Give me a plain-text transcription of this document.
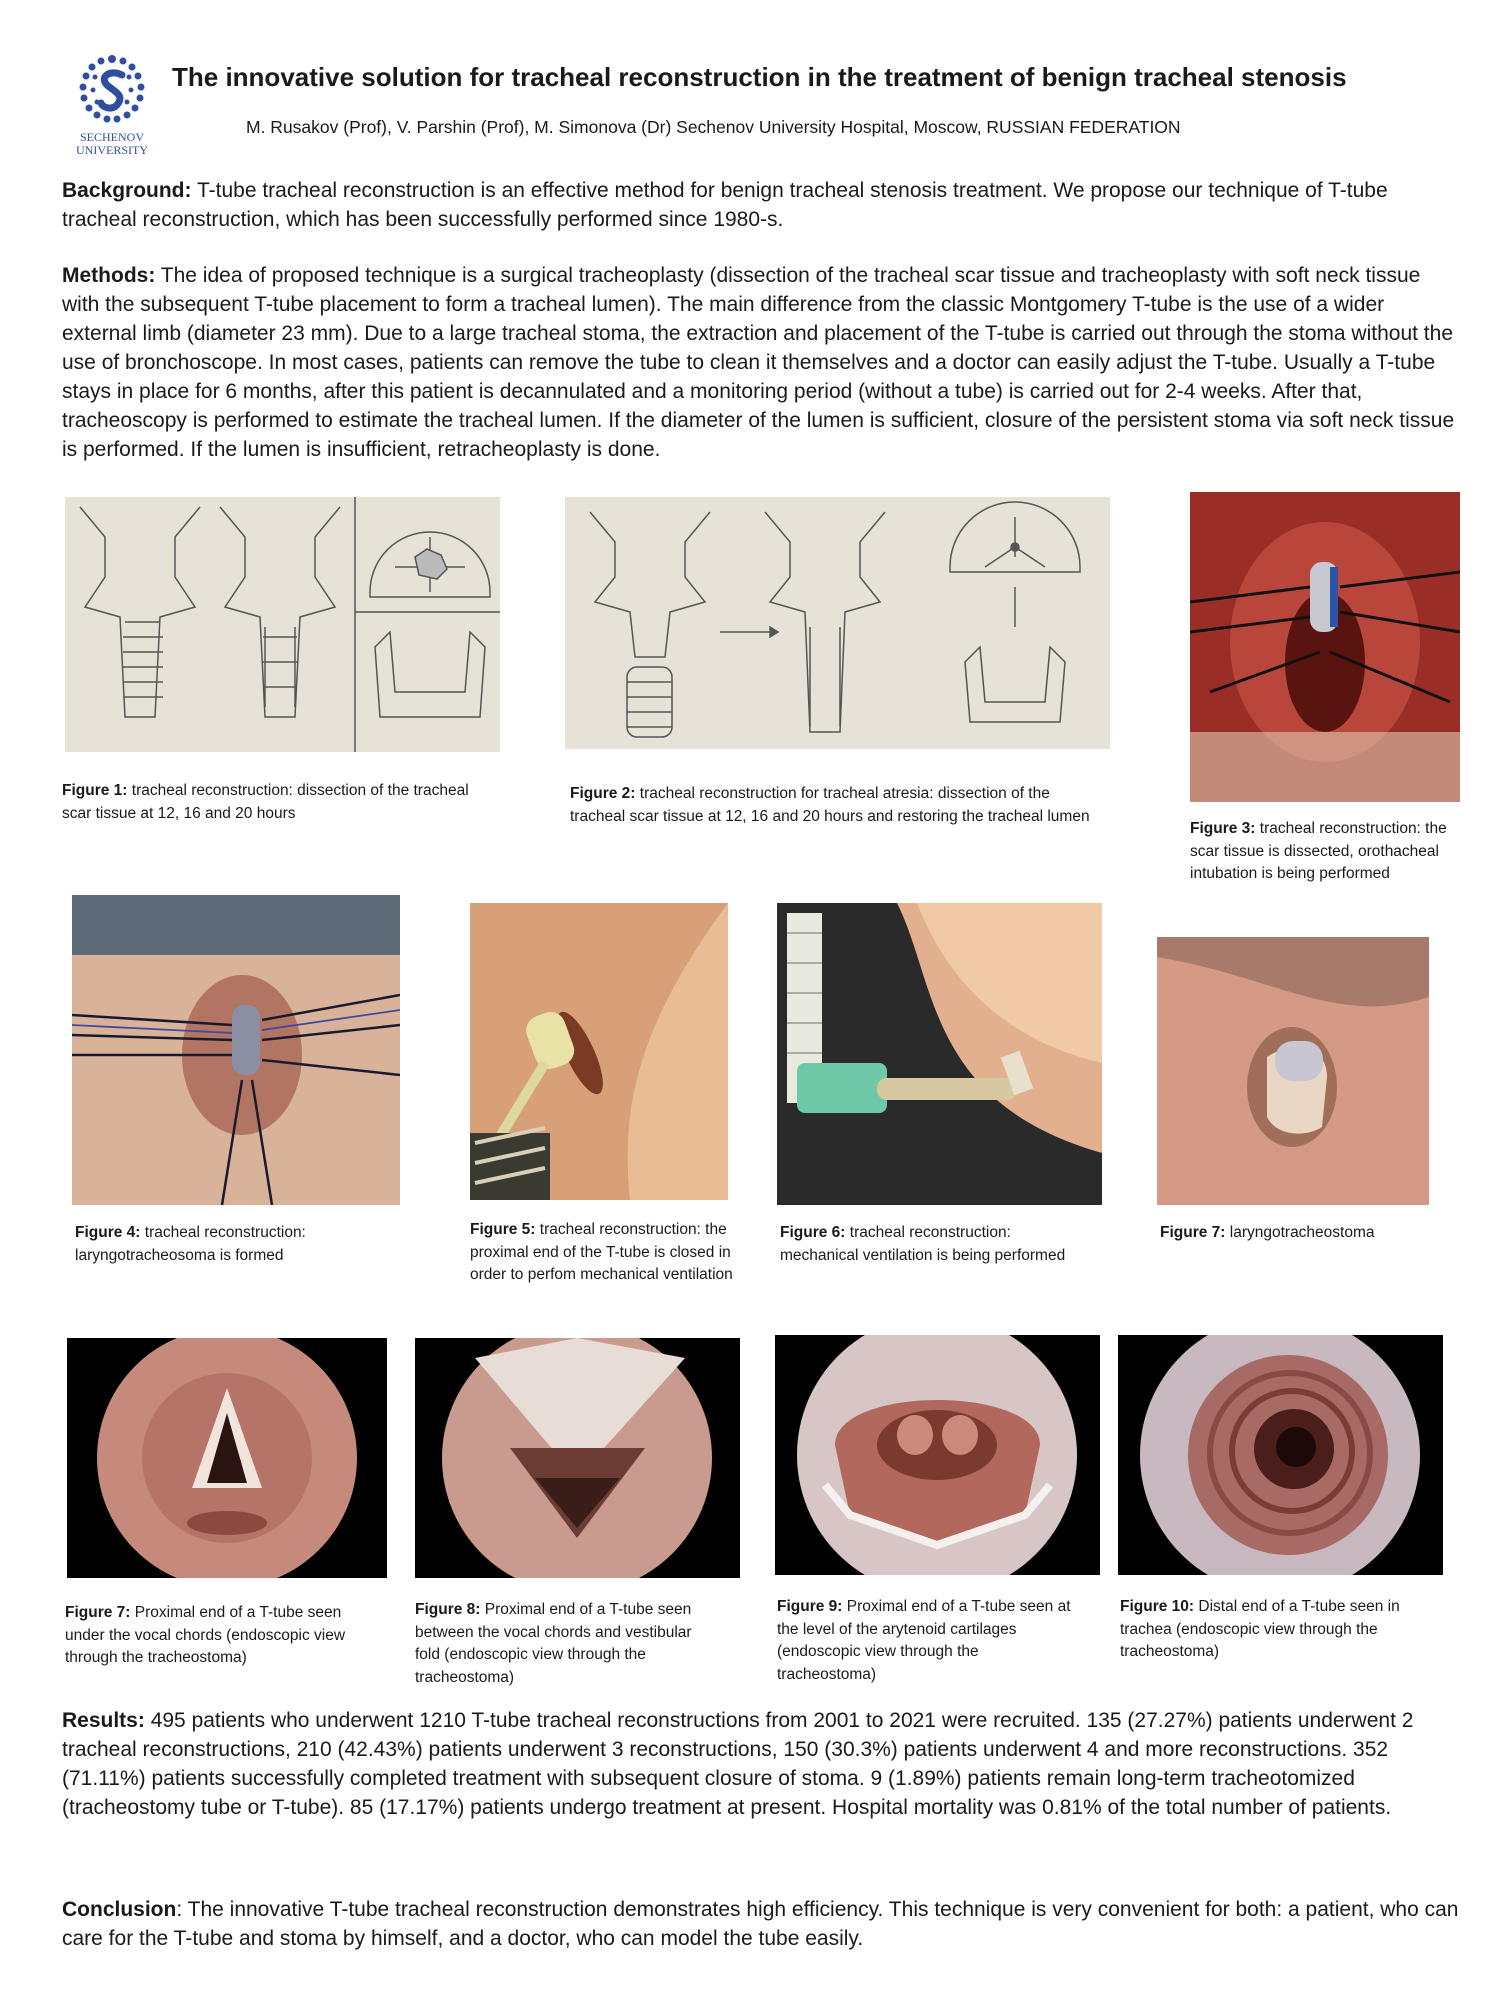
SECHENOV
UNIVERSITY
The innovative solution for tracheal reconstruction in the treatment of benign tracheal stenosis
M. Rusakov (Prof), V. Parshin (Prof), M. Simonova (Dr) Sechenov University Hospital, Moscow, RUSSIAN FEDERATION

Background: T-tube tracheal reconstruction is an effective method for benign tracheal stenosis treatment. We propose our technique of T-tube tracheal reconstruction, which has been successfully performed since 1980-s.

Methods: The idea of proposed technique is a surgical tracheoplasty (dissection of the tracheal scar tissue and tracheoplasty with soft neck tissue with the subsequent T-tube placement to form a tracheal lumen). The main difference from the classic Montgomery T-tube is the use of a wider external limb (diameter 23 mm). Due to a large tracheal stoma, the extraction and placement of the T-tube is carried out through the stoma without the use of bronchoscope. In most cases, patients can remove the tube to clean it themselves and a doctor can easily adjust the T-tube. Usually a T-tube stays in place for 6 months, after this patient is decannulated and a monitoring period (without a tube) is carried out for 2-4 weeks. After that, tracheoscopy is performed to estimate the tracheal lumen. If the diameter of the lumen is sufficient, closure of the persistent stoma via soft neck tissue is performed. If the lumen is insufficient, retracheoplasty is done.

Figure 1: tracheal reconstruction: dissection of the tracheal scar tissue at 12, 16 and 20 hours

Figure 2: tracheal reconstruction for tracheal atresia: dissection of the tracheal scar tissue at 12, 16 and 20 hours and restoring the tracheal lumen

Figure 3: tracheal reconstruction: the scar tissue is dissected, orothacheal intubation is being performed

Figure 4: tracheal reconstruction: laryngotracheosoma is formed

Figure 5: tracheal reconstruction: the proximal end of the T-tube is closed in order to perfom mechanical ventilation

Figure 6: tracheal reconstruction: mechanical ventilation is being performed

Figure 7: laryngotracheostoma

Figure 7: Proximal end of a T-tube seen under the vocal chords (endoscopic view through the tracheostoma)

Figure 8: Proximal end of a T-tube seen between the vocal chords and vestibular fold (endoscopic view through the tracheostoma)

Figure 9: Proximal end of a T-tube seen at the level of the arytenoid cartilages (endoscopic view through the tracheostoma)

Figure 10: Distal end of a T-tube seen in trachea (endoscopic view through the tracheostoma)

Results: 495 patients who underwent 1210 T-tube tracheal reconstructions from 2001 to 2021 were recruited. 135 (27.27%) patients underwent 2 tracheal reconstructions, 210 (42.43%) patients underwent 3 reconstructions, 150 (30.3%) patients underwent 4 and more reconstructions. 352 (71.11%) patients successfully completed treatment with subsequent closure of stoma. 9 (1.89%) patients remain long-term tracheotomized (tracheostomy tube or T-tube). 85 (17.17%) patients undergo treatment at present. Hospital mortality was 0.81% of the total number of patients.

Conclusion: The innovative T-tube tracheal reconstruction demonstrates high efficiency. This technique is very convenient for both: a patient, who can care for the T-tube and stoma by himself, and a doctor, who can model the tube easily.
